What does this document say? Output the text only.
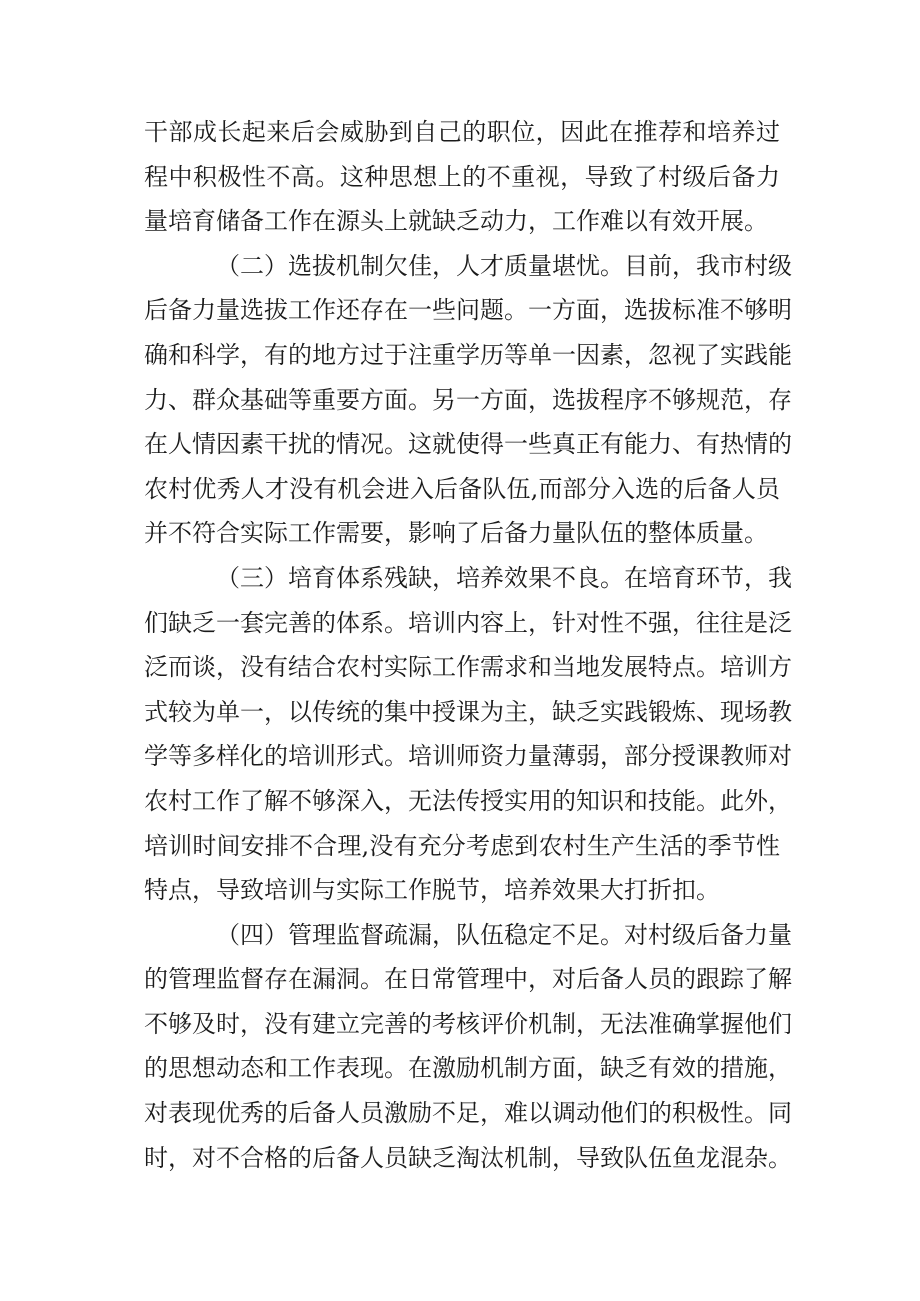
干部成长起来后会威胁到自己的职位，因此在推荐和培养过
程中积极性不高。这种思想上的不重视，导致了村级后备力
量培育储备工作在源头上就缺乏动力，工作难以有效开展。
（二）选拔机制欠佳，人才质量堪忧。目前，我市村级
后备力量选拔工作还存在一些问题。一方面，选拔标准不够明
确和科学，有的地方过于注重学历等单一因素，忽视了实践能
力、群众基础等重要方面。另一方面，选拔程序不够规范，存
在人情因素干扰的情况。这就使得一些真正有能力、有热情的
农村优秀人才没有机会进入后备队伍,而部分入选的后备人员
并不符合实际工作需要，影响了后备力量队伍的整体质量。
（三）培育体系残缺，培养效果不良。在培育环节，我
们缺乏一套完善的体系。培训内容上，针对性不强，往往是泛
泛而谈，没有结合农村实际工作需求和当地发展特点。培训方
式较为单一，以传统的集中授课为主，缺乏实践锻炼、现场教
学等多样化的培训形式。培训师资力量薄弱，部分授课教师对
农村工作了解不够深入，无法传授实用的知识和技能。此外，
培训时间安排不合理,没有充分考虑到农村生产生活的季节性
特点，导致培训与实际工作脱节，培养效果大打折扣。
（四）管理监督疏漏，队伍稳定不足。对村级后备力量
的管理监督存在漏洞。在日常管理中，对后备人员的跟踪了解
不够及时，没有建立完善的考核评价机制，无法准确掌握他们
的思想动态和工作表现。在激励机制方面，缺乏有效的措施，
对表现优秀的后备人员激励不足，难以调动他们的积极性。同
时，对不合格的后备人员缺乏淘汰机制，导致队伍鱼龙混杂。
